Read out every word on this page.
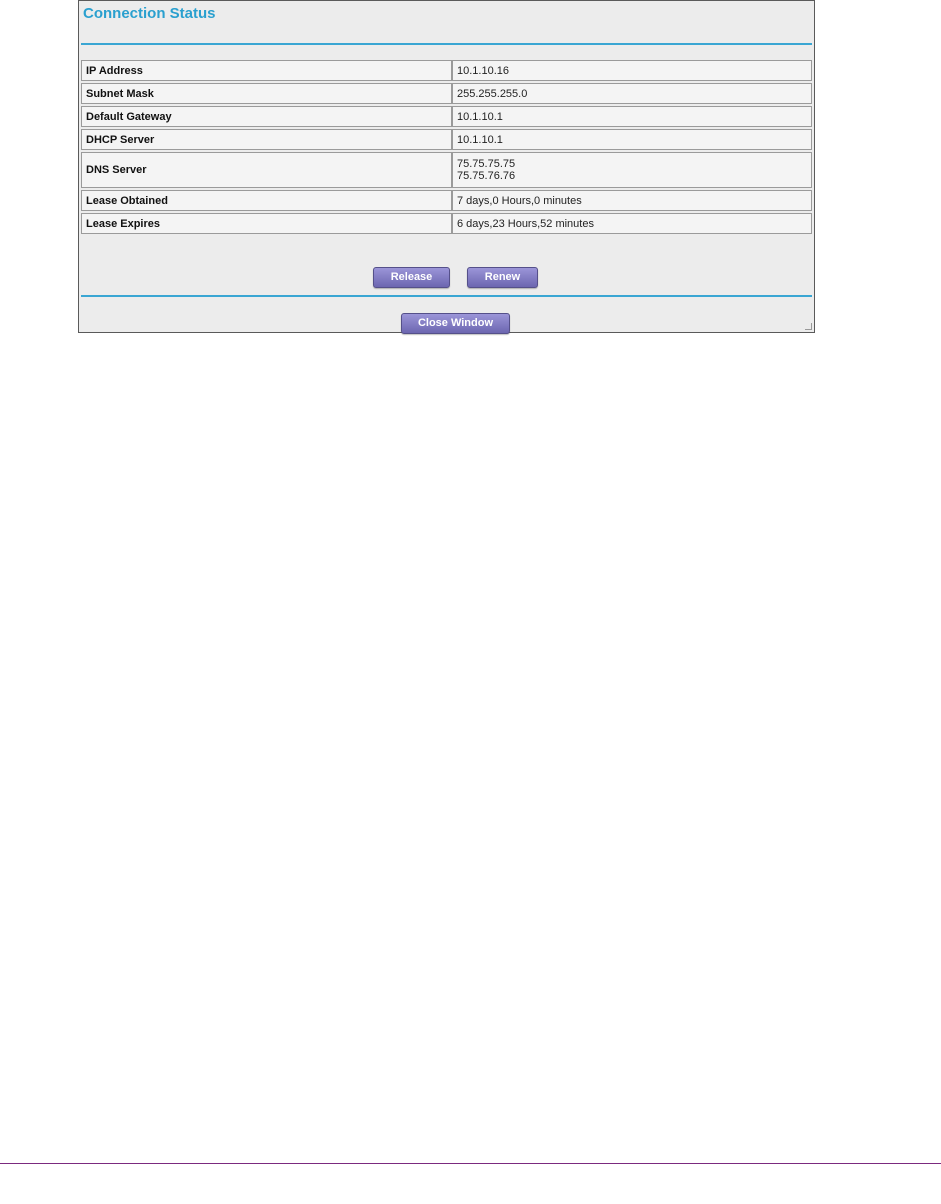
Connection Status
IP Address	10.1.10.16
Subnet Mask	255.255.255.0
Default Gateway	10.1.10.1
DHCP Server	10.1.10.1
DNS Server	75.75.75.75
75.75.76.76

Lease Obtained	7 days,0 Hours,0 minutes
Lease Expires	6 days,23 Hours,52 minutes
Release	Renew
Close Window
